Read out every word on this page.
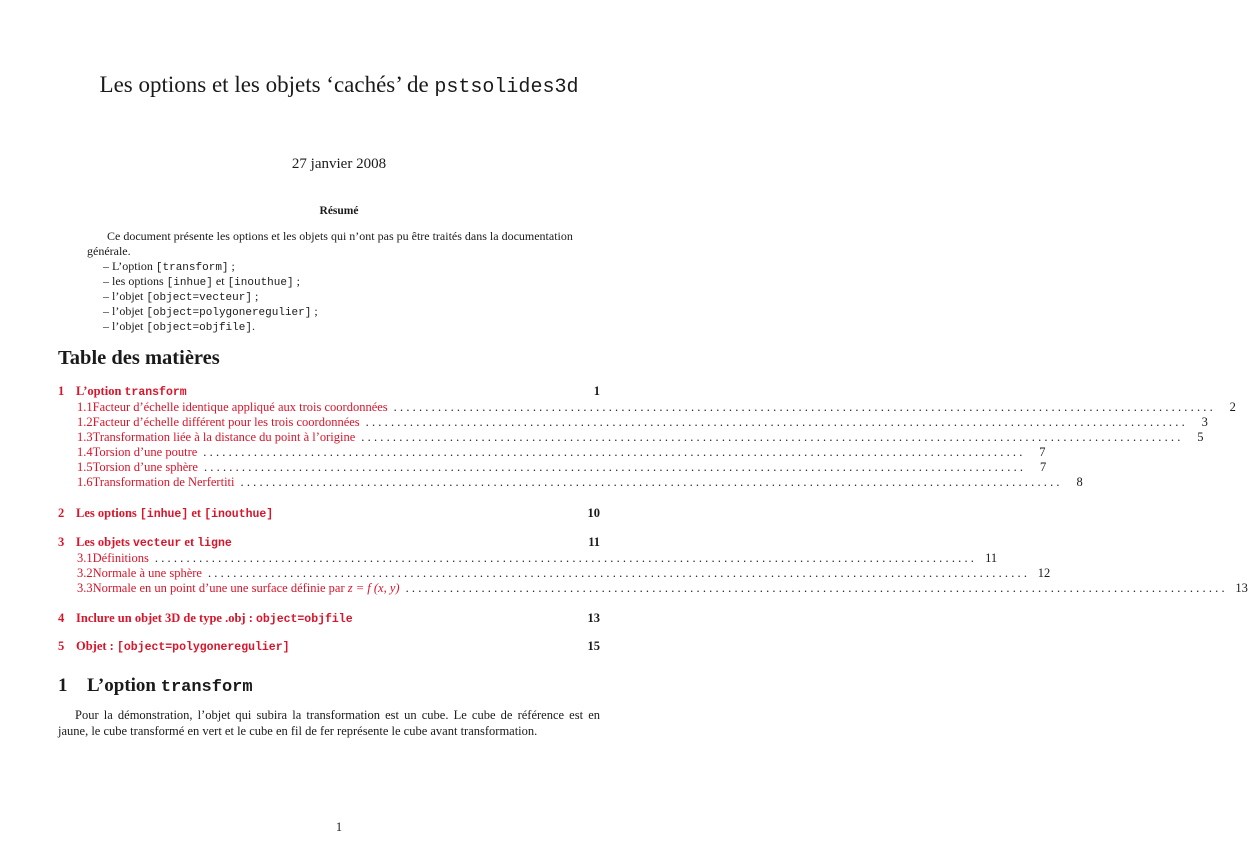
Les options et les objets ‘cachés’ de pstsolides3d
27 janvier 2008
Résumé
Ce document présente les options et les objets qui n’ont pas pu être traités dans la documentation générale.
– L’option [transform] ;
– les options [inhue] et [inouthue] ;
– l’objet [object=vecteur] ;
– l’objet [object=polygoneregulier] ;
– l’objet [object=objfile].
Table des matières
1 L’option transform	1
1.1 Facteur d’échelle identique appliqué aux trois coordonnées ..................................................................................................................................	2
1.2 Facteur d’échelle différent pour les trois coordonnées ..................................................................................................................................	3
1.3 Transformation liée à la distance du point à l’origine ..................................................................................................................................	5
1.4 Torsion d’une poutre ..................................................................................................................................	7
1.5 Torsion d’une sphère ..................................................................................................................................	7
1.6 Transformation de Nerfertiti ..................................................................................................................................	8
2 Les options [inhue] et [inouthue]	10
3 Les objets vecteur et ligne	11
3.1 Définitions .................................................................................................................................. 11
3.2 Normale à une sphère .................................................................................................................................. 12
3.3 Normale en un point d’une une surface définie par z = f (x, y) .................................................................................................................................. 13
4 Inclure un objet 3D de type .obj : object=objfile	13
5 Objet : [object=polygoneregulier]	15
1 L’option transform
Pour la démonstration, l’objet qui subira la transformation est un cube. Le cube de référence est en jaune, le cube transformé en vert et le cube en fil de fer représente le cube avant transformation.
1
